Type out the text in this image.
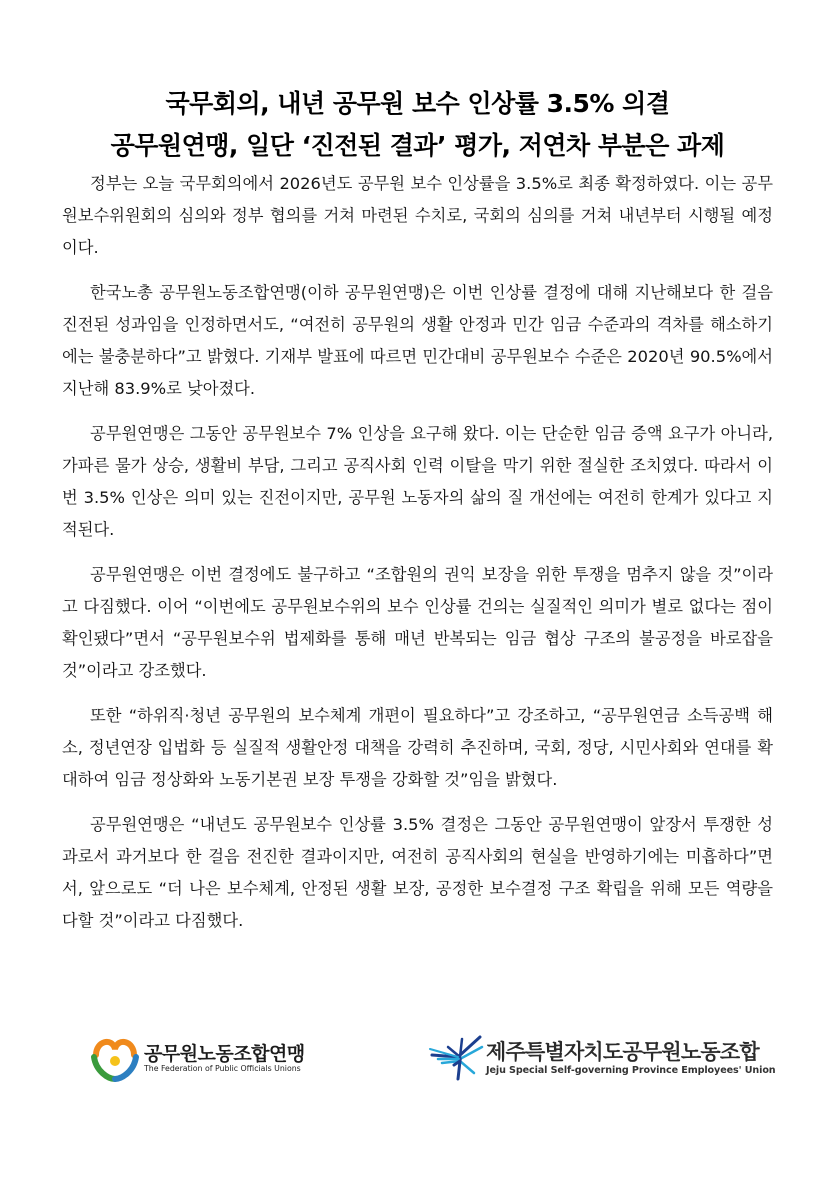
국무회의, 내년 공무원 보수 인상률 3.5% 의결
공무원연맹, 일단 ‘진전된 결과’ 평가, 저연차 부분은 과제

정부는 오늘 국무회의에서 2026년도 공무원 보수 인상률을 3.5%로 최종 확정하였다. 이는 공무원보수위원회의 심의와 정부 협의를 거쳐 마련된 수치로, 국회의 심의를 거쳐 내년부터 시행될 예정이다.

한국노총 공무원노동조합연맹(이하 공무원연맹)은 이번 인상률 결정에 대해 지난해보다 한 걸음 진전된 성과임을 인정하면서도, “여전히 공무원의 생활 안정과 민간 임금 수준과의 격차를 해소하기에는 불충분하다”고 밝혔다. 기재부 발표에 따르면 민간대비 공무원보수 수준은 2020년 90.5%에서 지난해 83.9%로 낮아졌다.

공무원연맹은 그동안 공무원보수 7% 인상을 요구해 왔다. 이는 단순한 임금 증액 요구가 아니라, 가파른 물가 상승, 생활비 부담, 그리고 공직사회 인력 이탈을 막기 위한 절실한 조치였다. 따라서 이번 3.5% 인상은 의미 있는 진전이지만, 공무원 노동자의 삶의 질 개선에는 여전히 한계가 있다고 지적된다.

공무원연맹은 이번 결정에도 불구하고 “조합원의 권익 보장을 위한 투쟁을 멈추지 않을 것”이라고 다짐했다. 이어 “이번에도 공무원보수위의 보수 인상률 건의는 실질적인 의미가 별로 없다는 점이 확인됐다”면서 “공무원보수위 법제화를 통해 매년 반복되는 임금 협상 구조의 불공정을 바로잡을 것”이라고 강조했다.

또한 “하위직·청년 공무원의 보수체계 개편이 필요하다”고 강조하고, “공무원연금 소득공백 해소, 정년연장 입법화 등 실질적 생활안정 대책을 강력히 추진하며, 국회, 정당, 시민사회와 연대를 확대하여 임금 정상화와 노동기본권 보장 투쟁을 강화할 것”임을 밝혔다.

공무원연맹은 “내년도 공무원보수 인상률 3.5% 결정은 그동안 공무원연맹이 앞장서 투쟁한 성과로서 과거보다 한 걸음 전진한 결과이지만, 여전히 공직사회의 현실을 반영하기에는 미흡하다”면서, 앞으로도 “더 나은 보수체계, 안정된 생활 보장, 공정한 보수결정 구조 확립을 위해 모든 역량을 다할 것”이라고 다짐했다.

공무원노동조합연맹
The Federation of Public Officials Unions
제주특별자치도공무원노동조합
Jeju Special Self-governing Province Employees' Union
